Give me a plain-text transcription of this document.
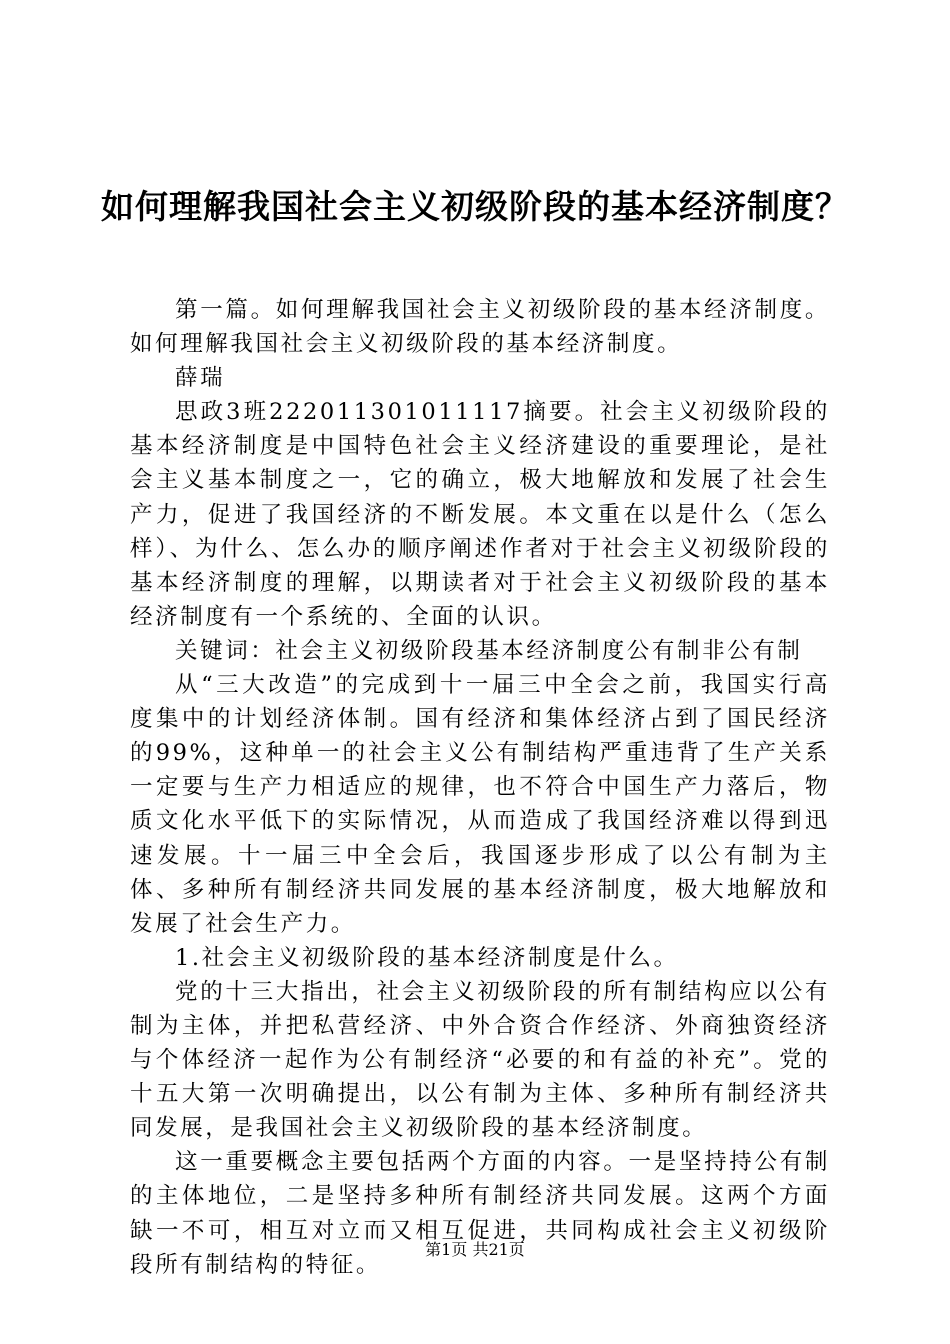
如何理解我国社会主义初级阶段的基本经济制度？

第一篇。如何理解我国社会主义初级阶段的基本经济制度。如何理解我国社会主义初级阶段的基本经济制度。

薛瑞

思政3班222011301011117摘要。社会主义初级阶段的基本经济制度是中国特色社会主义经济建设的重要理论，是社会主义基本制度之一，它的确立，极大地解放和发展了社会生产力，促进了我国经济的不断发展。本文重在以是什么（怎么样）、为什么、怎么办的顺序阐述作者对于社会主义初级阶段的基本经济制度的理解，以期读者对于社会主义初级阶段的基本经济制度有一个系统的、全面的认识。

关键词：社会主义初级阶段基本经济制度公有制非公有制

从“三大改造”的完成到十一届三中全会之前，我国实行高度集中的计划经济体制。国有经济和集体经济占到了国民经济的99%，这种单一的社会主义公有制结构严重违背了生产关系一定要与生产力相适应的规律，也不符合中国生产力落后，物质文化水平低下的实际情况，从而造成了我国经济难以得到迅速发展。十一届三中全会后，我国逐步形成了以公有制为主体、多种所有制经济共同发展的基本经济制度，极大地解放和发展了社会生产力。

1.社会主义初级阶段的基本经济制度是什么。

党的十三大指出，社会主义初级阶段的所有制结构应以公有制为主体，并把私营经济、中外合资合作经济、外商独资经济与个体经济一起作为公有制经济“必要的和有益的补充”。党的十五大第一次明确提出，以公有制为主体、多种所有制经济共同发展，是我国社会主义初级阶段的基本经济制度。

这一重要概念主要包括两个方面的内容。一是坚持持公有制的主体地位，二是坚持多种所有制经济共同发展。这两个方面缺一不可，相互对立而又相互促进，共同构成社会主义初级阶段所有制结构的特征。

第1页 共21页
